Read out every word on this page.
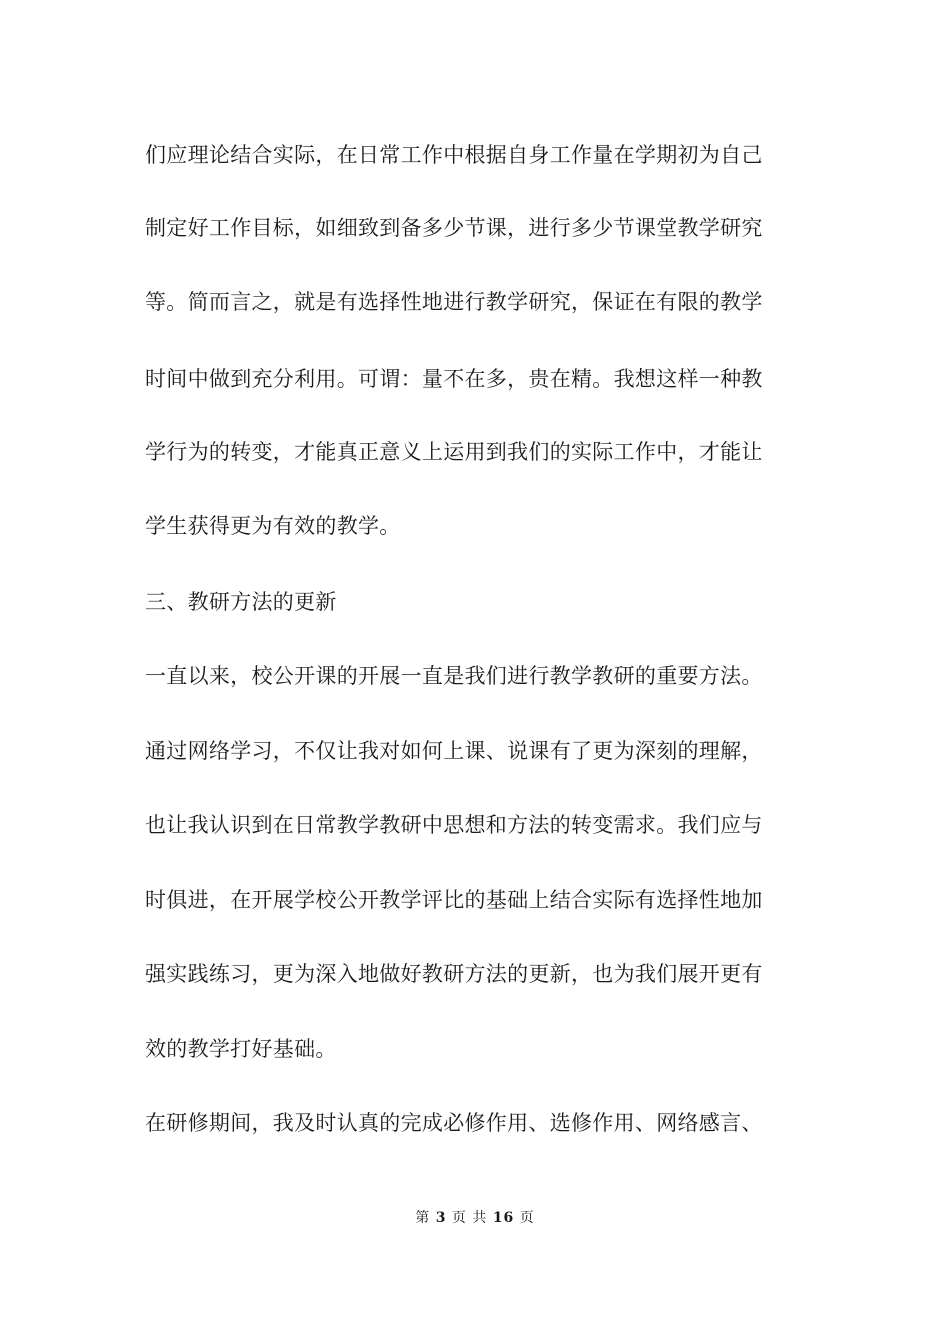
们应理论结合实际，在日常工作中根据自身工作量在学期初为自己
制定好工作目标，如细致到备多少节课，进行多少节课堂教学研究
等。简而言之，就是有选择性地进行教学研究，保证在有限的教学
时间中做到充分利用。可谓：量不在多，贵在精。我想这样一种教
学行为的转变，才能真正意义上运用到我们的实际工作中，才能让
学生获得更为有效的教学。
三、教研方法的更新
一直以来，校公开课的开展一直是我们进行教学教研的重要方法。
通过网络学习，不仅让我对如何上课、说课有了更为深刻的理解，
也让我认识到在日常教学教研中思想和方法的转变需求。我们应与
时俱进，在开展学校公开教学评比的基础上结合实际有选择性地加
强实践练习，更为深入地做好教研方法的更新，也为我们展开更有
效的教学打好基础。
在研修期间，我及时认真的完成必修作用、选修作用、网络感言、
第 3 页 共 16 页
